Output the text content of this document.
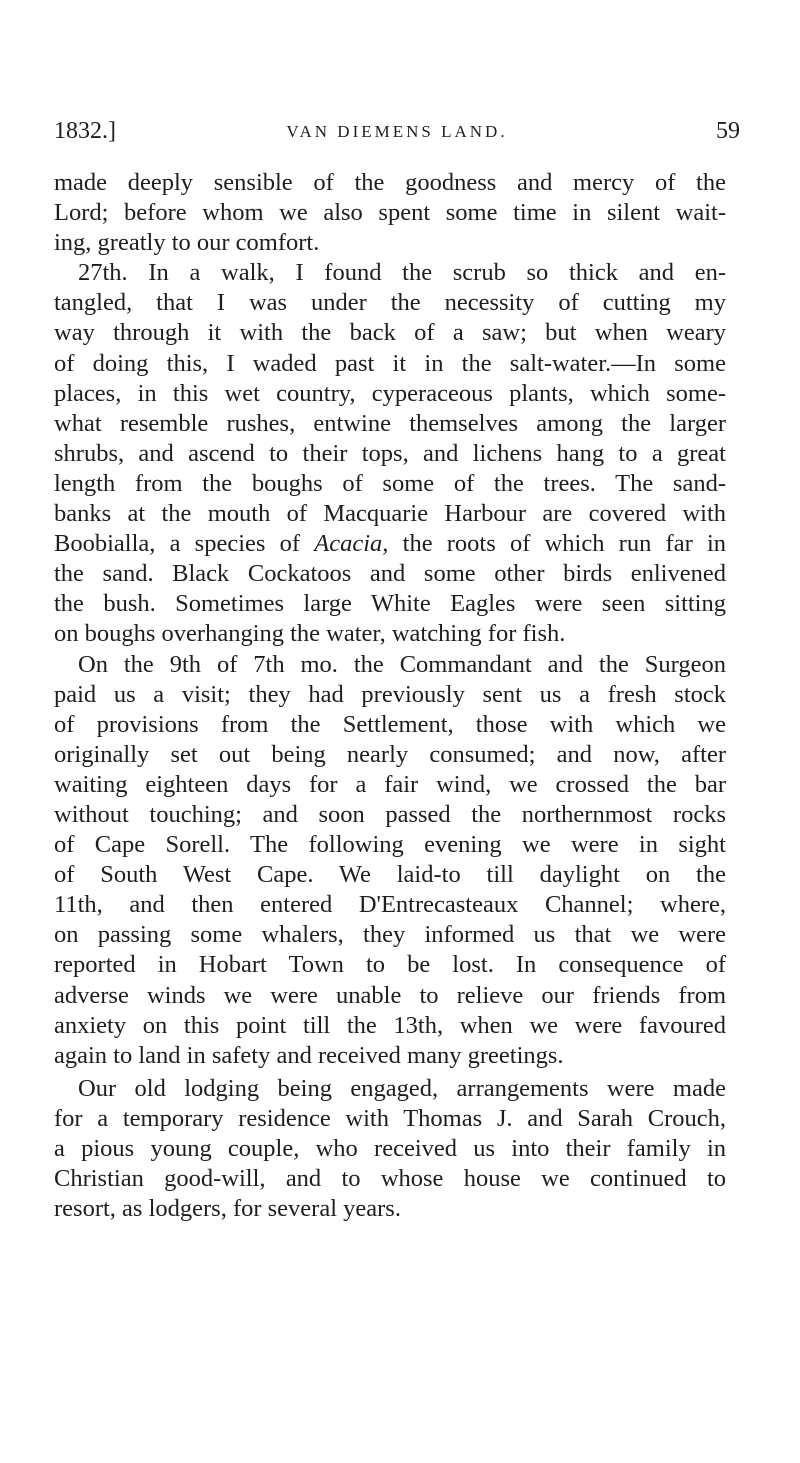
1832.]	VAN DIEMENS LAND.	59
made deeply sensible of the goodness and mercy of the
Lord; before whom we also spent some time in silent wait-
ing, greatly to our comfort.
27th. In a walk, I found the scrub so thick and en-
tangled, that I was under the necessity of cutting my
way through it with the back of a saw; but when weary
of doing this, I waded past it in the salt-water.—In some
places, in this wet country, cyperaceous plants, which some-
what resemble rushes, entwine themselves among the larger
shrubs, and ascend to their tops, and lichens hang to a great
length from the boughs of some of the trees. The sand-
banks at the mouth of Macquarie Harbour are covered with
Boobialla, a species of Acacia, the roots of which run far in
the sand. Black Cockatoos and some other birds enlivened
the bush. Sometimes large White Eagles were seen sitting
on boughs overhanging the water, watching for fish.
On the 9th of 7th mo. the Commandant and the Surgeon
paid us a visit; they had previously sent us a fresh stock
of provisions from the Settlement, those with which we
originally set out being nearly consumed; and now, after
waiting eighteen days for a fair wind, we crossed the bar
without touching; and soon passed the northernmost rocks
of Cape Sorell. The following evening we were in sight
of South West Cape. We laid-to till daylight on the
11th, and then entered D'Entrecasteaux Channel; where,
on passing some whalers, they informed us that we were
reported in Hobart Town to be lost. In consequence of
adverse winds we were unable to relieve our friends from
anxiety on this point till the 13th, when we were favoured
again to land in safety and received many greetings.
Our old lodging being engaged, arrangements were made
for a temporary residence with Thomas J. and Sarah Crouch,
a pious young couple, who received us into their family in
Christian good-will, and to whose house we continued to
resort, as lodgers, for several years.
